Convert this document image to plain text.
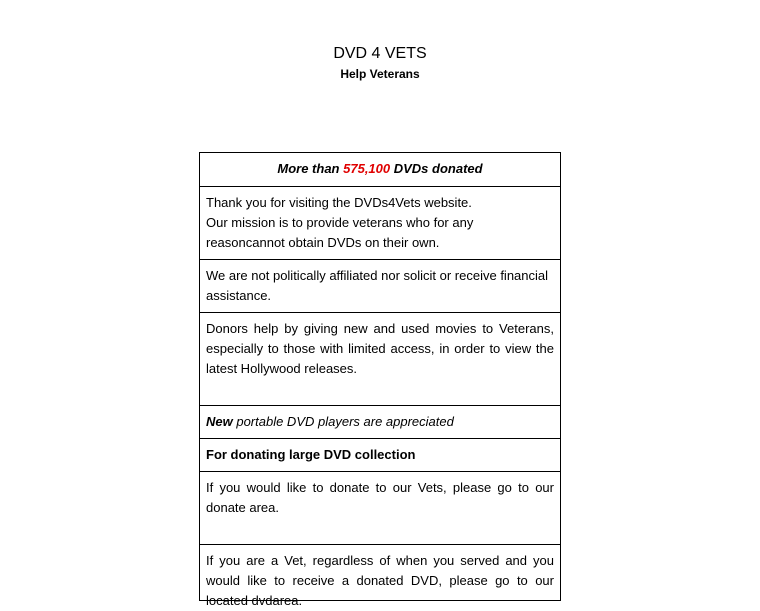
DVD 4 VETS
Help Veterans
More than 575,100 DVDs donated
Thank you for visiting the DVDs4Vets website.
Our mission is to provide veterans who for any reasoncannot obtain DVDs on their own.
We are not politically affiliated nor solicit or receive financial assistance.
Donors help by giving new and used movies to Veterans, especially to those with limited access, in order to view the latest Hollywood releases.
New portable DVD players are appreciated
For donating large DVD collection
If you would like to donate to our Vets, please go to our donate area.
If you are a Vet, regardless of when you served and you would like to receive a donated DVD, please go to our located dvdarea.
